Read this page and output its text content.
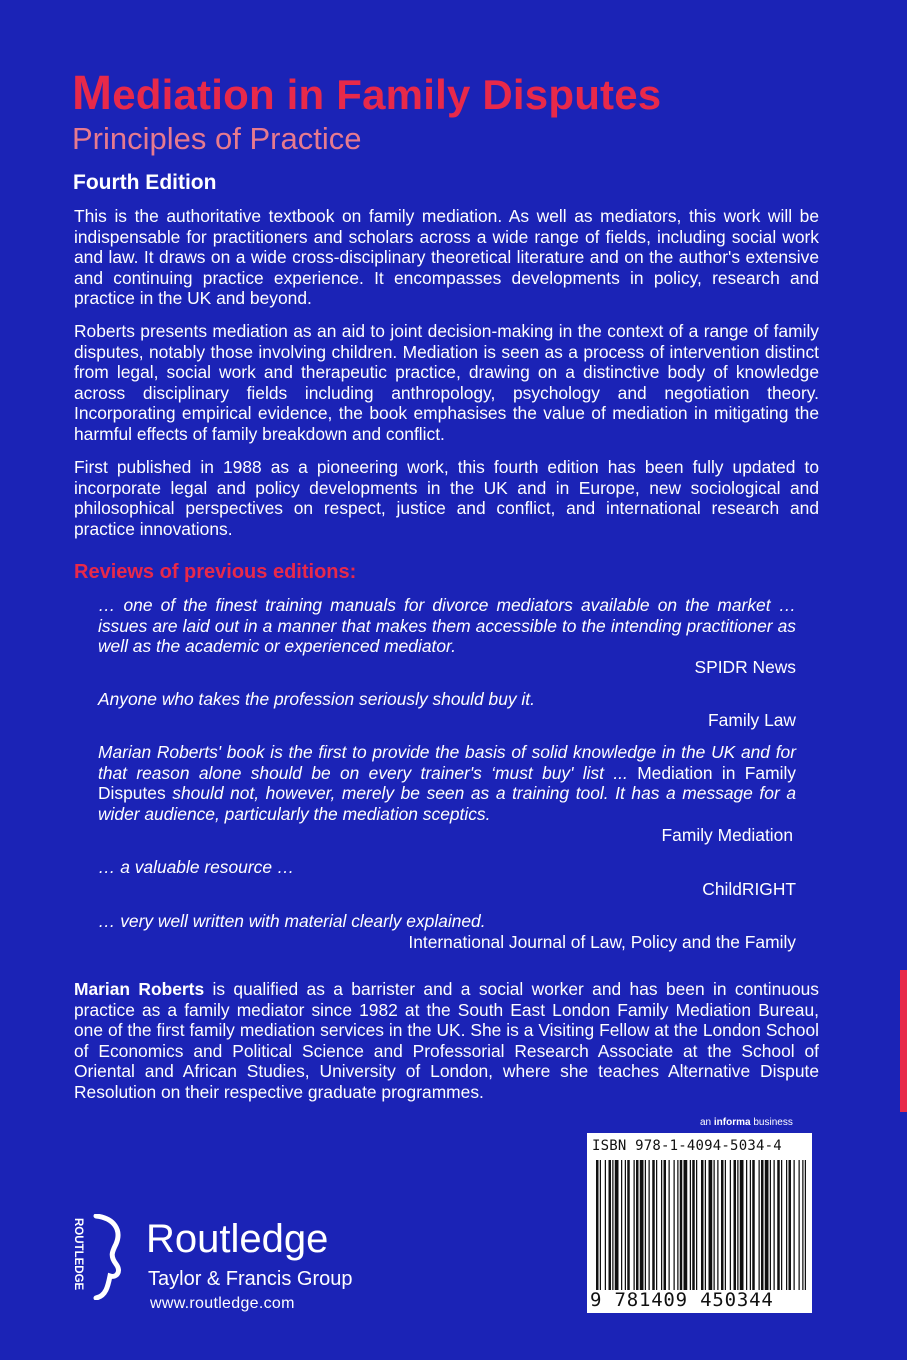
Mediation in Family Disputes
Principles of Practice
Fourth Edition

This is the authoritative textbook on family mediation. As well as mediators, this work will be indispensable for practitioners and scholars across a wide range of fields, including social work and law. It draws on a wide cross-disciplinary theoretical literature and on the author's extensive and continuing practice experience. It encompasses developments in policy, research and practice in the UK and beyond.

Roberts presents mediation as an aid to joint decision-making in the context of a range of family disputes, notably those involving children. Mediation is seen as a process of intervention distinct from legal, social work and therapeutic practice, drawing on a distinctive body of knowledge across disciplinary fields including anthropology, psychology and negotiation theory. Incorporating empirical evidence, the book emphasises the value of mediation in mitigating the harmful effects of family breakdown and conflict.

First published in 1988 as a pioneering work, this fourth edition has been fully updated to incorporate legal and policy developments in the UK and in Europe, new sociological and philosophical perspectives on respect, justice and conflict, and international research and practice innovations.

Reviews of previous editions:

… one of the finest training manuals for divorce mediators available on the market … issues are laid out in a manner that makes them accessible to the intending practitioner as well as the academic or experienced mediator.

SPIDR News

Anyone who takes the profession seriously should buy it.

Family Law

Marian Roberts' book is the first to provide the basis of solid knowledge in the UK and for that reason alone should be on every trainer's ‘must buy' list ... Mediation in Family Disputes should not, however, merely be seen as a training tool. It has a message for a wider audience, particularly the mediation sceptics.

Family Mediation

… a valuable resource …

ChildRIGHT

… very well written with material clearly explained.

International Journal of Law, Policy and the Family

Marian Roberts is qualified as a barrister and a social worker and has been in continuous practice as a family mediator since 1982 at the South East London Family Mediation Bureau, one of the first family mediation services in the UK. She is a Visiting Fellow at the London School of Economics and Political Science and Professorial Research Associate at the School of Oriental and African Studies, University of London, where she teaches Alternative Dispute Resolution on their respective graduate programmes.

an informa business
ISBN 978-1-4094-5034-4
9 781409 450344
ROUTLEDGE Routledge
Taylor & Francis Group
www.routledge.com
